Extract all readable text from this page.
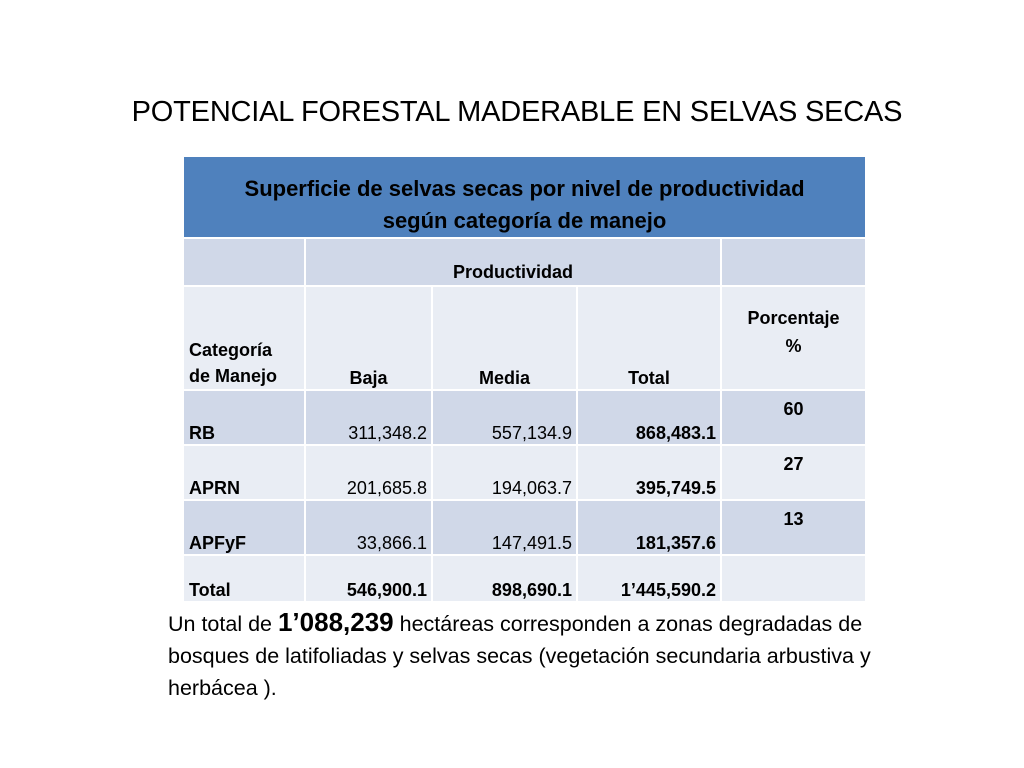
POTENCIAL FORESTAL MADERABLE EN SELVAS SECAS
Superficie de selvas secas por nivel de productividad
según categoría de manejo				
	Productividad			
Categoría
de Manejo	Baja	Media	Total	Porcentaje
%
RB	311,348.2	557,134.9	868,483.1	60
APRN	201,685.8	194,063.7	395,749.5	27
APFyF	33,866.1	147,491.5	181,357.6	13
Total	546,900.1	898,690.1	1’445,590.2	
Un total de 1’088,239 hectáreas corresponden a zonas degradadas de bosques de latifoliadas y selvas secas (vegetación secundaria arbustiva y herbácea ).
